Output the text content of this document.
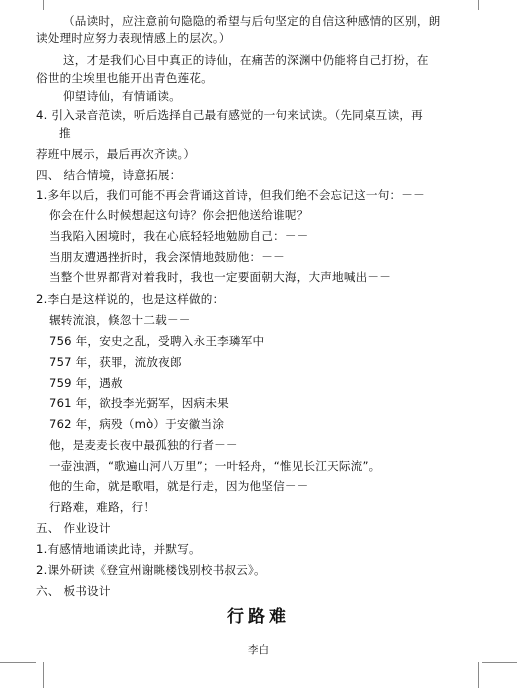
（品读时，应注意前句隐隐的希望与后句坚定的自信这种感情的区别，朗
读处理时应努力表现情感上的层次。）
这，才是我们心目中真正的诗仙，在痛苦的深渊中仍能将自己打扮，在
俗世的尘埃里也能开出青色莲花。
仰望诗仙，有情诵读。
4. 引入录音范读，听后选择自己最有感觉的一句来试读。（先同桌互读，再
推
荐班中展示，最后再次齐读。）
四、 结合情境，诗意拓展：
1.多年以后，我们可能不再会背诵这首诗，但我们绝不会忘记这一句：－－
你会在什么时候想起这句诗？你会把他送给谁呢？
当我陷入困境时，我在心底轻轻地勉励自己：－－
当朋友遭遇挫折时，我会深情地鼓励他：－－
当整个世界都背对着我时，我也一定要面朝大海，大声地喊出－－
2.李白是这样说的，也是这样做的：
辗转流浪，倏忽十二载－－
756 年，安史之乱，受聘入永王李璘军中
757 年，获罪，流放夜郎
759 年，遇赦
761 年，欲投李光弼军，因病未果
762 年，病殁（mò）于安徽当涂
他，是麦麦长夜中最孤独的行者－－
一壶浊酒，“歌遍山河八万里”；一叶轻舟，“惟见长江天际流”。
他的生命，就是歌唱，就是行走，因为他坚信－－
行路难，难路，行！
五、 作业设计
1.有感情地诵读此诗，并默写。
2.课外研读《登宣州谢眺楼饯别校书叔云》。
六、 板书设计
行路难
李白
